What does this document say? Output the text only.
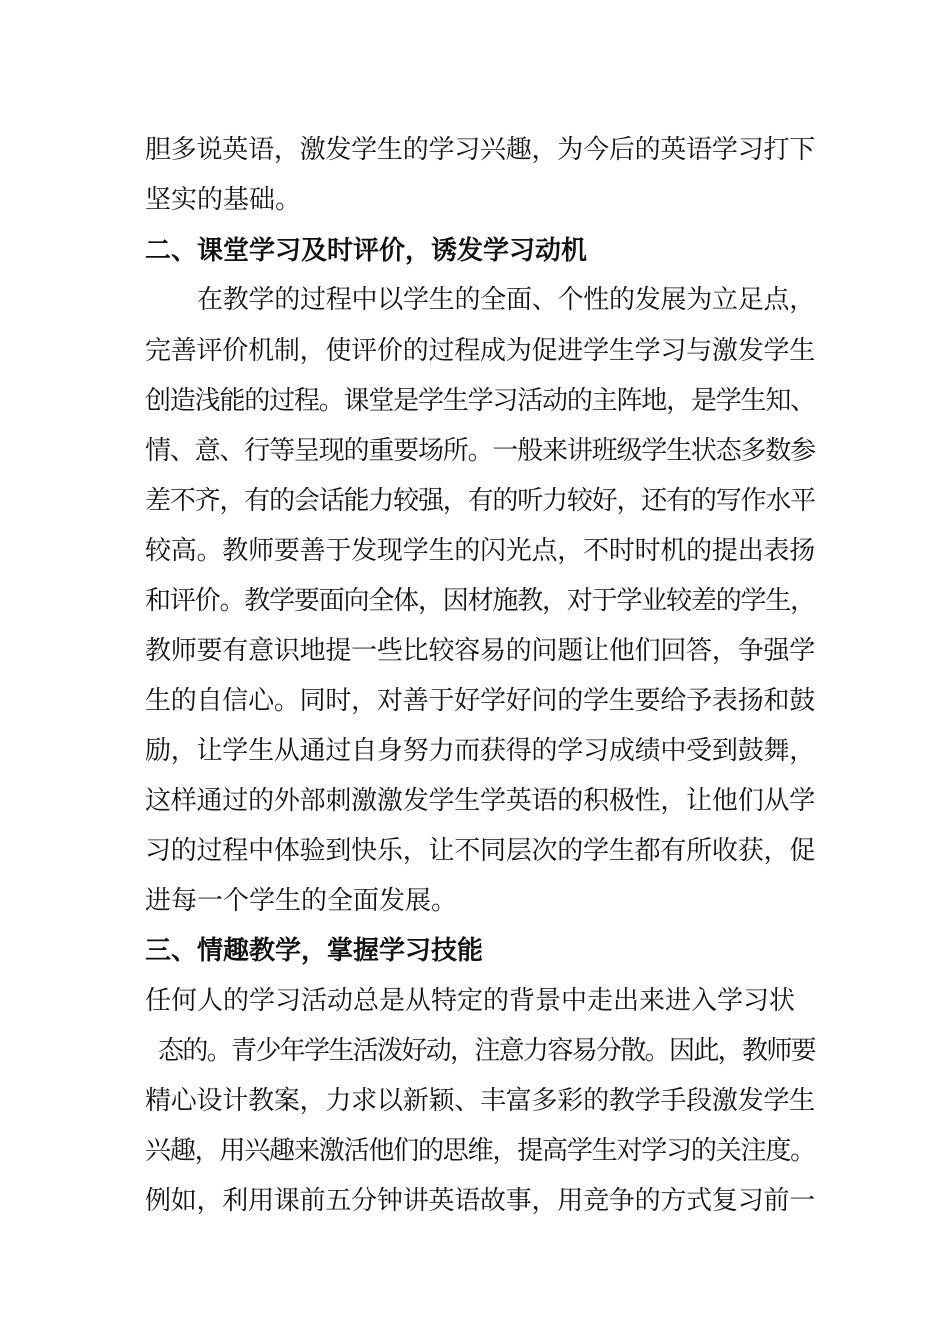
胆多说英语，激发学生的学习兴趣，为今后的英语学习打下

坚实的基础。

二、课堂学习及时评价，诱发学习动机

在教学的过程中以学生的全面、个性的发展为立足点，

完善评价机制，使评价的过程成为促进学生学习与激发学生

创造浅能的过程。课堂是学生学习活动的主阵地，是学生知、

情、意、行等呈现的重要场所。一般来讲班级学生状态多数参

差不齐，有的会话能力较强，有的听力较好，还有的写作水平

较高。教师要善于发现学生的闪光点，不时时机的提出表扬

和评价。教学要面向全体，因材施教，对于学业较差的学生，

教师要有意识地提一些比较容易的问题让他们回答，争强学

生的自信心。同时，对善于好学好问的学生要给予表扬和鼓

励，让学生从通过自身努力而获得的学习成绩中受到鼓舞，

这样通过的外部刺激激发学生学英语的积极性，让他们从学

习的过程中体验到快乐，让不同层次的学生都有所收获，促

进每一个学生的全面发展。

三、情趣教学，掌握学习技能

任何人的学习活动总是从特定的背景中走出来进入学习状

态的。青少年学生活泼好动，注意力容易分散。因此，教师要

精心设计教案，力求以新颖、丰富多彩的教学手段激发学生

兴趣，用兴趣来激活他们的思维，提高学生对学习的关注度。

例如，利用课前五分钟讲英语故事，用竞争的方式复习前一
